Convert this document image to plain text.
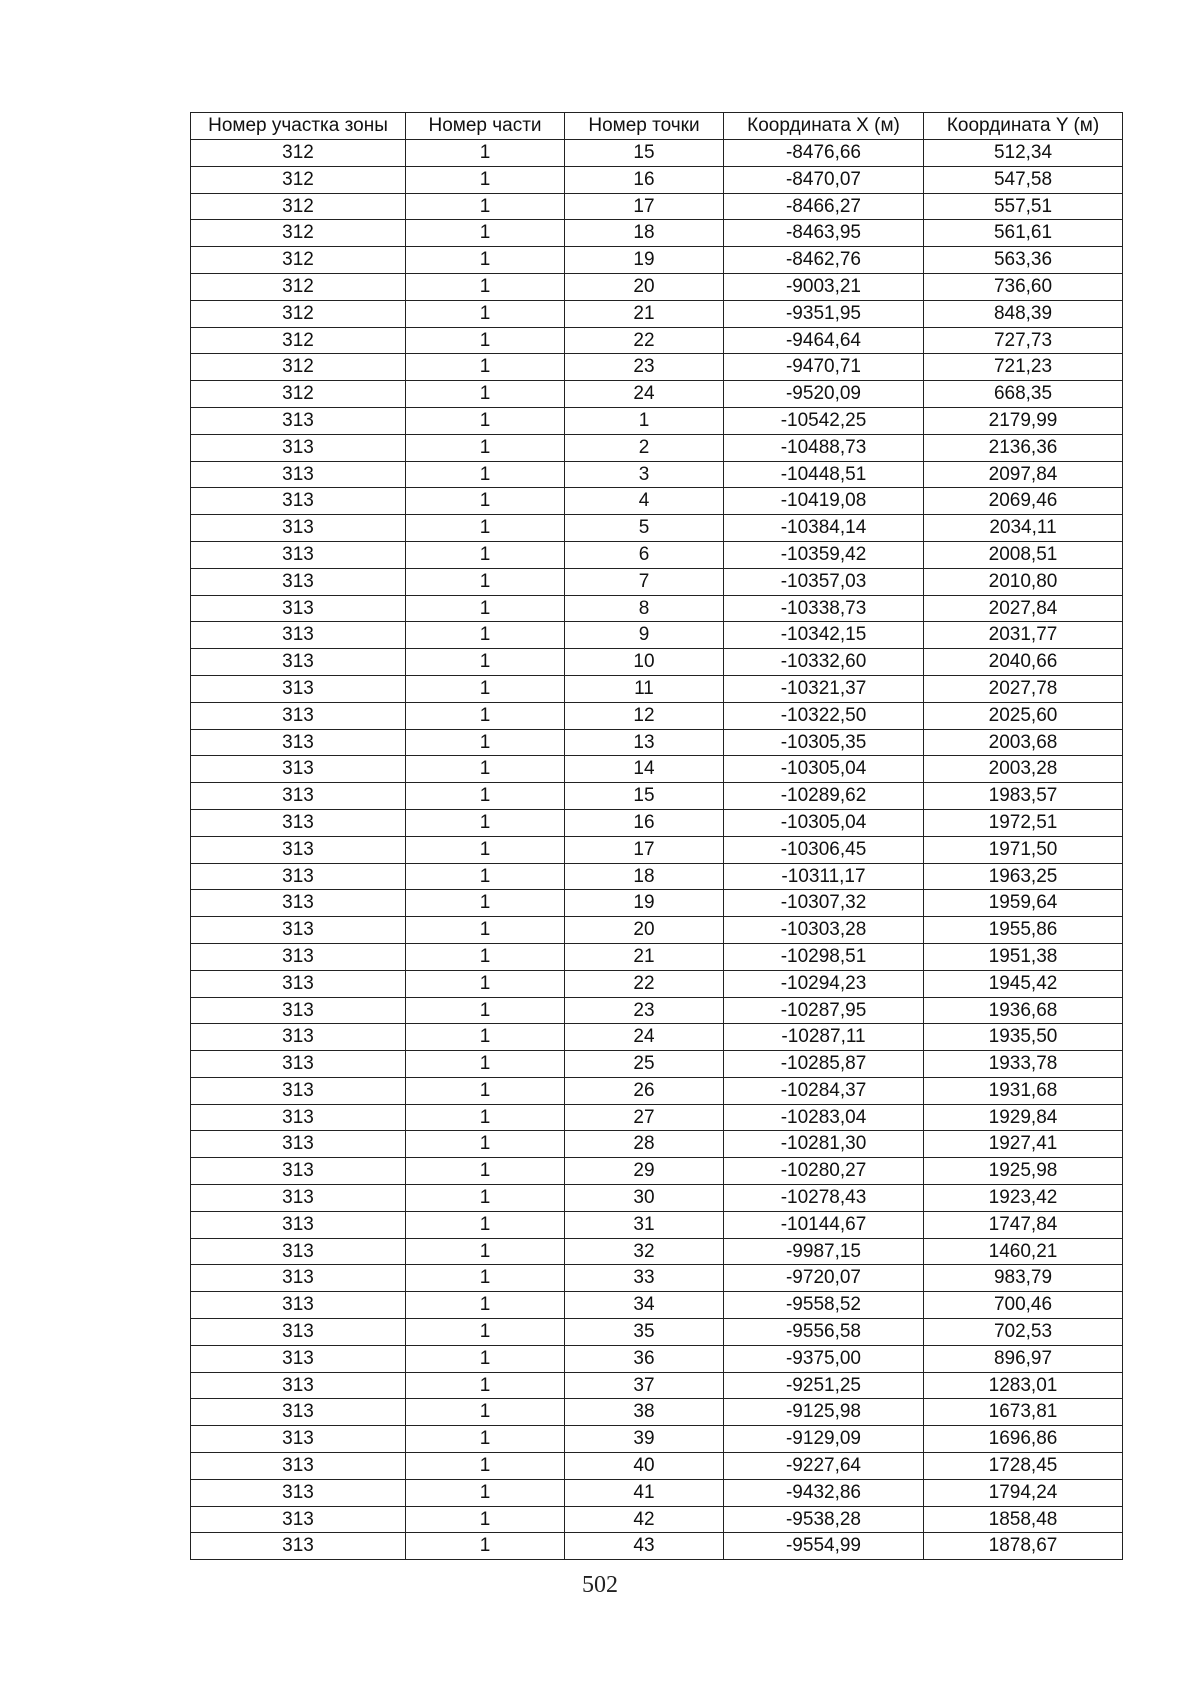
Номер участка зоны	Номер части	Номер точки	Координата X (м)	Координата Y (м)
312	1	15	-8476,66	512,34
312	1	16	-8470,07	547,58
312	1	17	-8466,27	557,51
312	1	18	-8463,95	561,61
312	1	19	-8462,76	563,36
312	1	20	-9003,21	736,60
312	1	21	-9351,95	848,39
312	1	22	-9464,64	727,73
312	1	23	-9470,71	721,23
312	1	24	-9520,09	668,35
313	1	1	-10542,25	2179,99
313	1	2	-10488,73	2136,36
313	1	3	-10448,51	2097,84
313	1	4	-10419,08	2069,46
313	1	5	-10384,14	2034,11
313	1	6	-10359,42	2008,51
313	1	7	-10357,03	2010,80
313	1	8	-10338,73	2027,84
313	1	9	-10342,15	2031,77
313	1	10	-10332,60	2040,66
313	1	11	-10321,37	2027,78
313	1	12	-10322,50	2025,60
313	1	13	-10305,35	2003,68
313	1	14	-10305,04	2003,28
313	1	15	-10289,62	1983,57
313	1	16	-10305,04	1972,51
313	1	17	-10306,45	1971,50
313	1	18	-10311,17	1963,25
313	1	19	-10307,32	1959,64
313	1	20	-10303,28	1955,86
313	1	21	-10298,51	1951,38
313	1	22	-10294,23	1945,42
313	1	23	-10287,95	1936,68
313	1	24	-10287,11	1935,50
313	1	25	-10285,87	1933,78
313	1	26	-10284,37	1931,68
313	1	27	-10283,04	1929,84
313	1	28	-10281,30	1927,41
313	1	29	-10280,27	1925,98
313	1	30	-10278,43	1923,42
313	1	31	-10144,67	1747,84
313	1	32	-9987,15	1460,21
313	1	33	-9720,07	983,79
313	1	34	-9558,52	700,46
313	1	35	-9556,58	702,53
313	1	36	-9375,00	896,97
313	1	37	-9251,25	1283,01
313	1	38	-9125,98	1673,81
313	1	39	-9129,09	1696,86
313	1	40	-9227,64	1728,45
313	1	41	-9432,86	1794,24
313	1	42	-9538,28	1858,48
313	1	43	-9554,99	1878,67
502
